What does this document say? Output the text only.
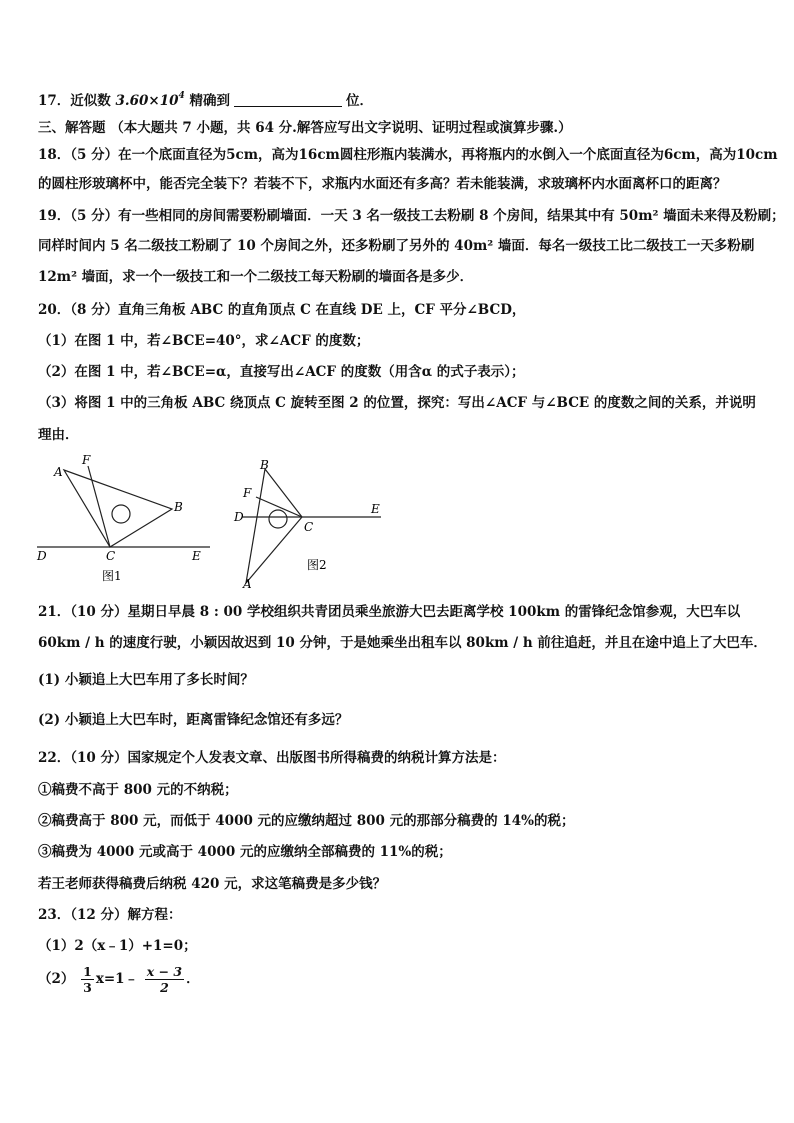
17．近似数 $3.60\times 10^4$ 精确到	位．
三、解答题 （本大题共 7 小题，共 64 分.解答应写出文字说明、证明过程或演算步骤.）
18．（5 分）在一个底面直径为5cm，高为16cm圆柱形瓶内装满水，再将瓶内的水倒入一个底面直径为6cm，高为10cm
的圆柱形玻璃杯中，能否完全装下？若装不下，求瓶内水面还有多高？若未能装满，求玻璃杯内水面离杯口的距离？
19．（5 分）有一些相同的房间需要粉刷墙面．一天 3 名一级技工去粉刷 8 个房间，结果其中有 50m² 墙面未来得及粉刷；
同样时间内 5 名二级技工粉刷了 10 个房间之外，还多粉刷了另外的 40m² 墙面．每名一级技工比二级技工一天多粉刷
12m² 墙面，求一个一级技工和一个二级技工每天粉刷的墙面各是多少．
20．（8 分）直角三角板 ABC 的直角顶点 C 在直线 DE 上，CF 平分∠BCD，
（1）在图 1 中，若∠BCE=40°，求∠ACF 的度数；
（2）在图 1 中，若∠BCE=α，直接写出∠ACF 的度数（用含α 的式子表示）；
（3）将图 1 中的三角板 ABC 绕顶点 C 旋转至图 2 的位置，探究：写出∠ACF 与∠BCE 的度数之间的关系，并说明
理由．
A
F
B
C
D	E
图1
B
F
D
C
E
A
图2
21．（10 分）星期日早晨 8 : 00 学校组织共青团员乘坐旅游大巴去距离学校 100km 的雷锋纪念馆参观，大巴车以
60km / h 的速度行驶，小颖因故迟到 10 分钟，于是她乘坐出租车以 80km / h 前往追赶，并且在途中追上了大巴车．
(1) 小颖追上大巴车用了多长时间？
(2) 小颖追上大巴车时，距离雷锋纪念馆还有多远？
22．（10 分）国家规定个人发表文章、出版图书所得稿费的纳税计算方法是：
①稿费不高于 800 元的不纳税；
②稿费高于 800 元，而低于 4000 元的应缴纳超过 800 元的那部分稿费的 14%的税；
③稿费为 4000 元或高于 4000 元的应缴纳全部稿费的 11%的税；
若王老师获得稿费后纳税 420 元，求这笔稿费是多少钱？
23．（12 分）解方程：
（1）2（x﹣1）+1=0；
$(2) \frac{1}{3}$ x=1﹣ $\frac{x - 3}{2}$ ．
